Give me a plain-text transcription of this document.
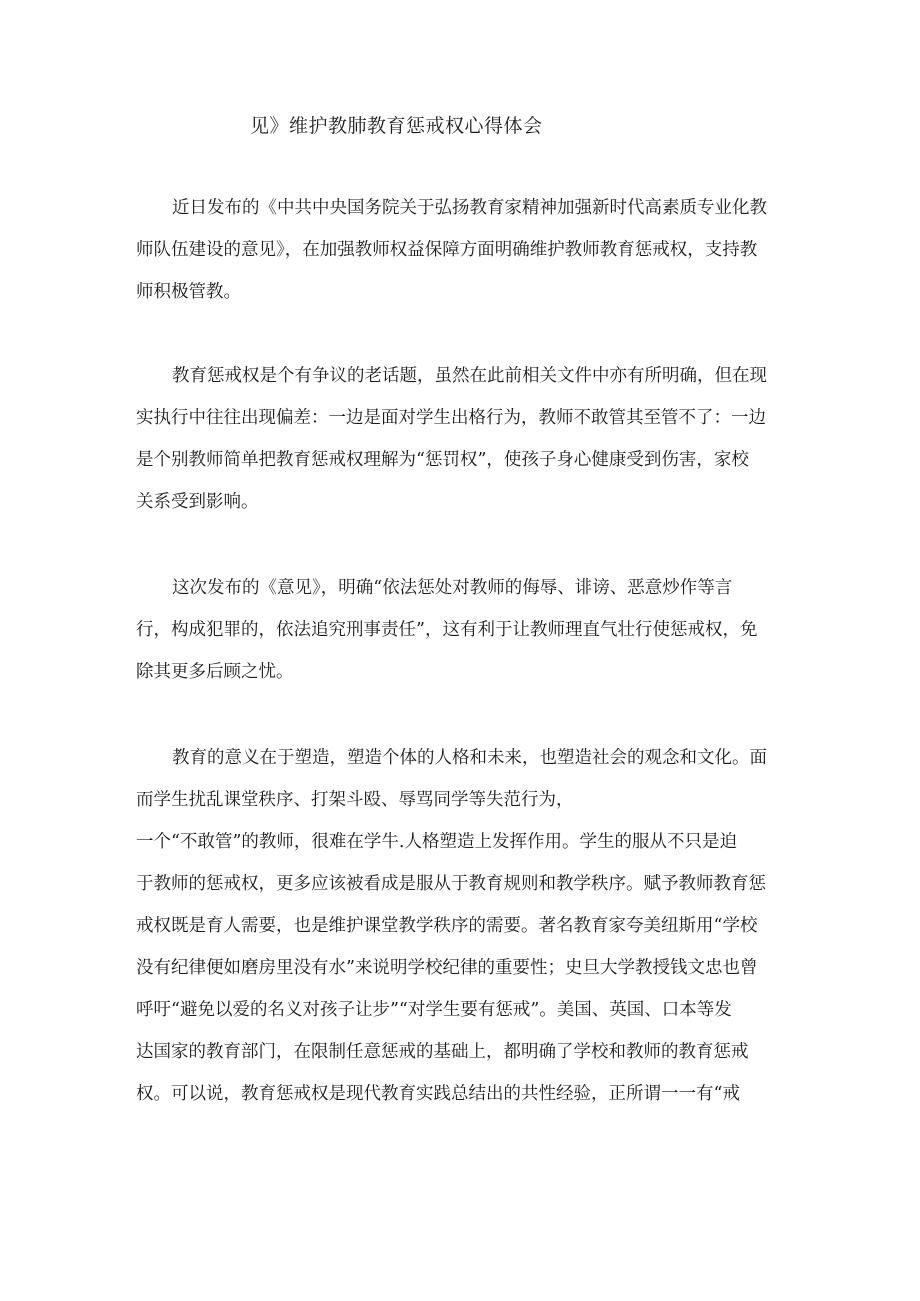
见》维护教肺教育惩戒权心得体会

近日发布的《中共中央国务院关于弘扬教育家精神加强新时代高素质专业化教
师队伍建设的意见》，在加强教师权益保障方面明确维护教师教育惩戒权，支持教
师积极管教。

教育惩戒权是个有争议的老话题，虽然在此前相关文件中亦有所明确，但在现
实执行中往往出现偏差：一边是面对学生出格行为，教师不敢管其至管不了：一边
是个别教师简单把教育惩戒权理解为“惩罚权”，使孩子身心健康受到伤害，家校
关系受到影响。

这次发布的《意见》，明确“依法惩处对教师的侮辱、诽谤、恶意炒作等言
行，构成犯罪的，依法追究刑事责任”，这有利于让教师理直气壮行使惩戒权，免
除其更多后顾之忧。

教育的意义在于塑造，塑造个体的人格和未来，也塑造社会的观念和文化。面
而学生扰乱课堂秩序、打架斗殴、辱骂同学等失范行为，
一个“不敢管”的教师，很难在学牛.人格塑造上发挥作用。学生的服从不只是迫
于教师的惩戒权，更多应该被看成是服从于教育规则和教学秩序。赋予教师教育惩
戒权既是育人需要，也是维护课堂教学秩序的需要。著名教育家夸美纽斯用“学校
没有纪律便如磨房里没有水”来说明学校纪律的重要性；史旦大学教授钱文忠也曾
呼吁“避免以爱的名义对孩子让步”“对学生要有惩戒”。美国、英国、口本等发
达国家的教育部门，在限制任意惩戒的基础上，都明确了学校和教师的教育惩戒
权。可以说，教育惩戒权是现代教育实践总结出的共性经验，正所谓一一有“戒
